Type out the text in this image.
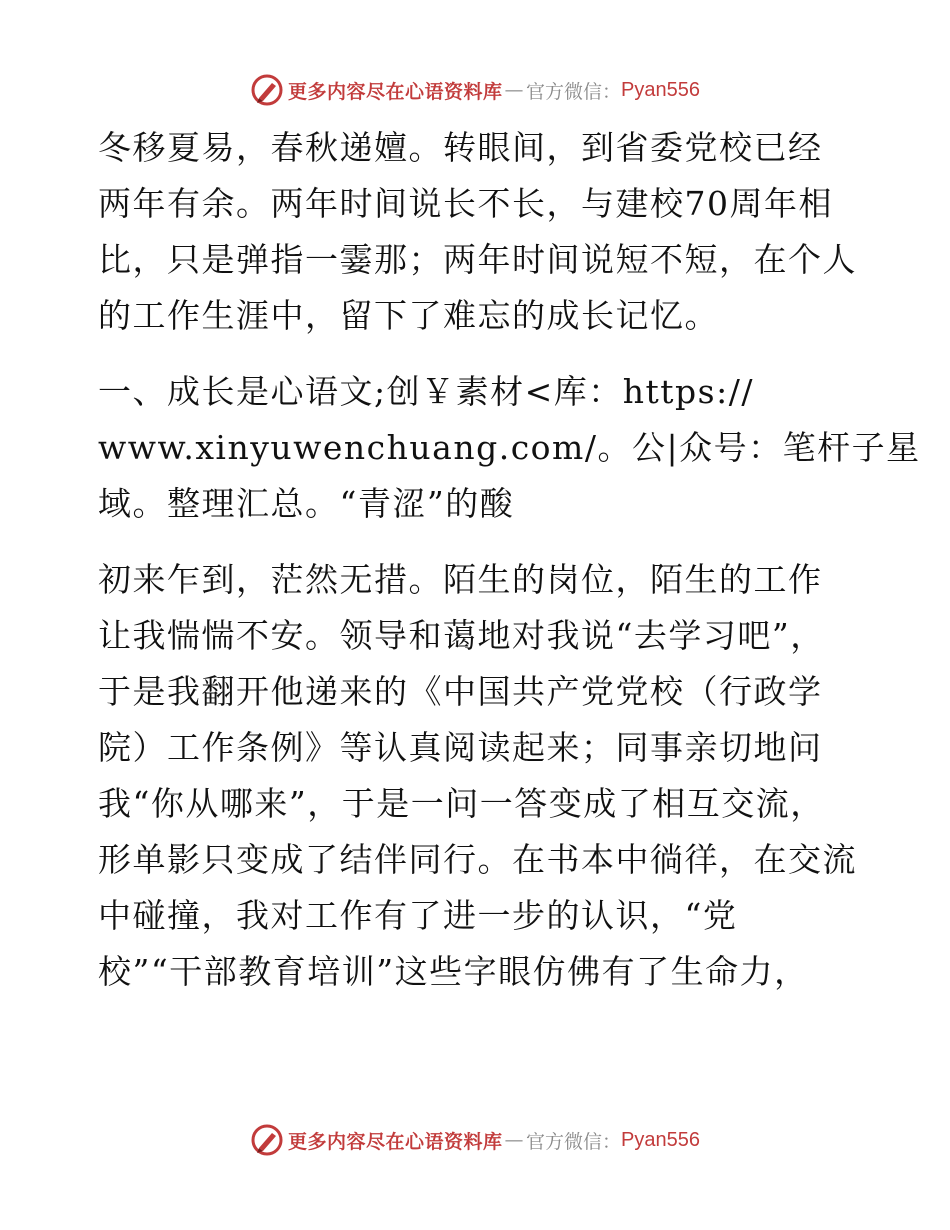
更多内容尽在心语资料库 — 官方微信： Pyan556

冬移夏易，春秋递嬗。转眼间，到省委党校已经
两年有余。两年时间说长不长，与建校70周年相
比，只是弹指一霎那；两年时间说短不短，在个人
的工作生涯中，留下了难忘的成长记忆。

一、成长是心语文;创￥素材<库：https://
www.xinyuwenchuang.com/。公|众号：笔杆子星
域。整理汇总。“青涩”的酸

初来乍到，茫然无措。陌生的岗位，陌生的工作
让我惴惴不安。领导和蔼地对我说“去学习吧”，
于是我翻开他递来的《中国共产党党校（行政学
院）工作条例》等认真阅读起来；同事亲切地问
我“你从哪来”，于是一问一答变成了相互交流，
形单影只变成了结伴同行。在书本中徜徉，在交流
中碰撞，我对工作有了进一步的认识，“党
校”“干部教育培训”这些字眼仿佛有了生命力，

更多内容尽在心语资料库 — 官方微信： Pyan556
